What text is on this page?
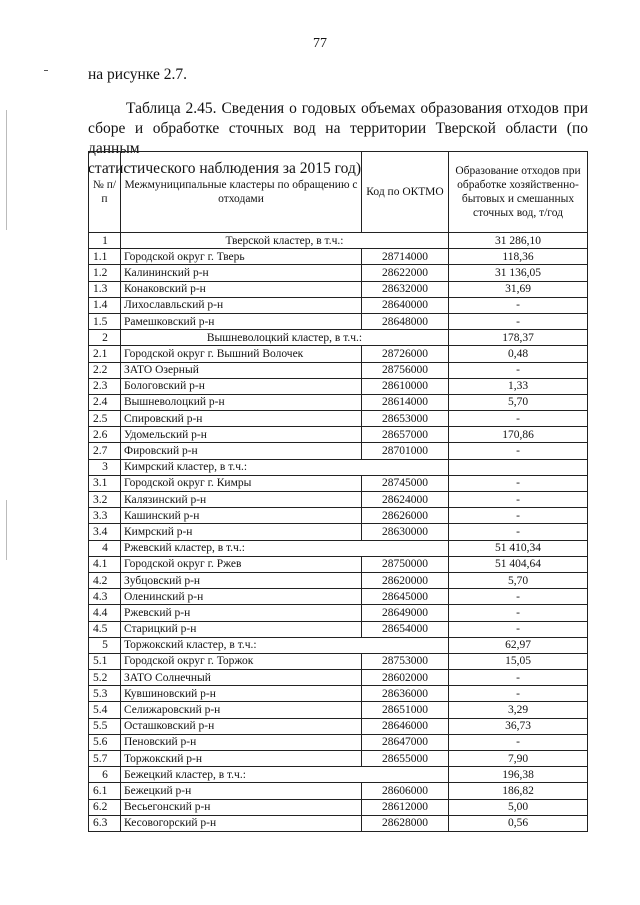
77
на рисунке 2.7.
Таблица 2.45. Сведения о годовых объемах образования отходов при
сборе и обработке сточных вод на территории Тверской области (по данным
статистического наблюдения за 2015 год)
№ п/п	Межмуниципальные кластеры по обращению с отходами	Код по ОКТМО	Образование отходов при обработке хозяйственно-бытовых и смешанных сточных вод, т/год
1	Тверской кластер, в т.ч.:		31 286,10
1.1	Городской округ г. Тверь	28714000	118,36
1.2	Калининский р-н	28622000	31 136,05
1.3	Конаковский р-н	28632000	31,69
1.4	Лихославльский р-н	28640000	-
1.5	Рамешковский р-н	28648000	-
2	Вышневолоцкий кластер, в т.ч.:		178,37
2.1	Городской округ г. Вышний Волочек	28726000	0,48
2.2	ЗАТО Озерный	28756000	-
2.3	Бологовский р-н	28610000	1,33
2.4	Вышневолоцкий р-н	28614000	5,70
2.5	Спировский р-н	28653000	-
2.6	Удомельский р-н	28657000	170,86
2.7	Фировский р-н	28701000	-
3	Кимрский кластер, в т.ч.:		
3.1	Городской округ г. Кимры	28745000	-
3.2	Калязинский р-н	28624000	-
3.3	Кашинский р-н	28626000	-
3.4	Кимрский р-н	28630000	-
4	Ржевский кластер, в т.ч.:		51 410,34
4.1	Городской округ г. Ржев	28750000	51 404,64
4.2	Зубцовский р-н	28620000	5,70
4.3	Оленинский р-н	28645000	-
4.4	Ржевский р-н	28649000	-
4.5	Старицкий р-н	28654000	-
5	Торжокский кластер, в т.ч.:		62,97
5.1	Городской округ г. Торжок	28753000	15,05
5.2	ЗАТО Солнечный	28602000	-
5.3	Кувшиновский р-н	28636000	-
5.4	Селижаровский р-н	28651000	3,29
5.5	Осташковский р-н	28646000	36,73
5.6	Пеновский р-н	28647000	-
5.7	Торжокский р-н	28655000	7,90
6	Бежецкий кластер, в т.ч.:		196,38
6.1	Бежецкий р-н	28606000	186,82
6.2	Весьегонский р-н	28612000	5,00
6.3	Кесовогорский р-н	28628000	0,56
